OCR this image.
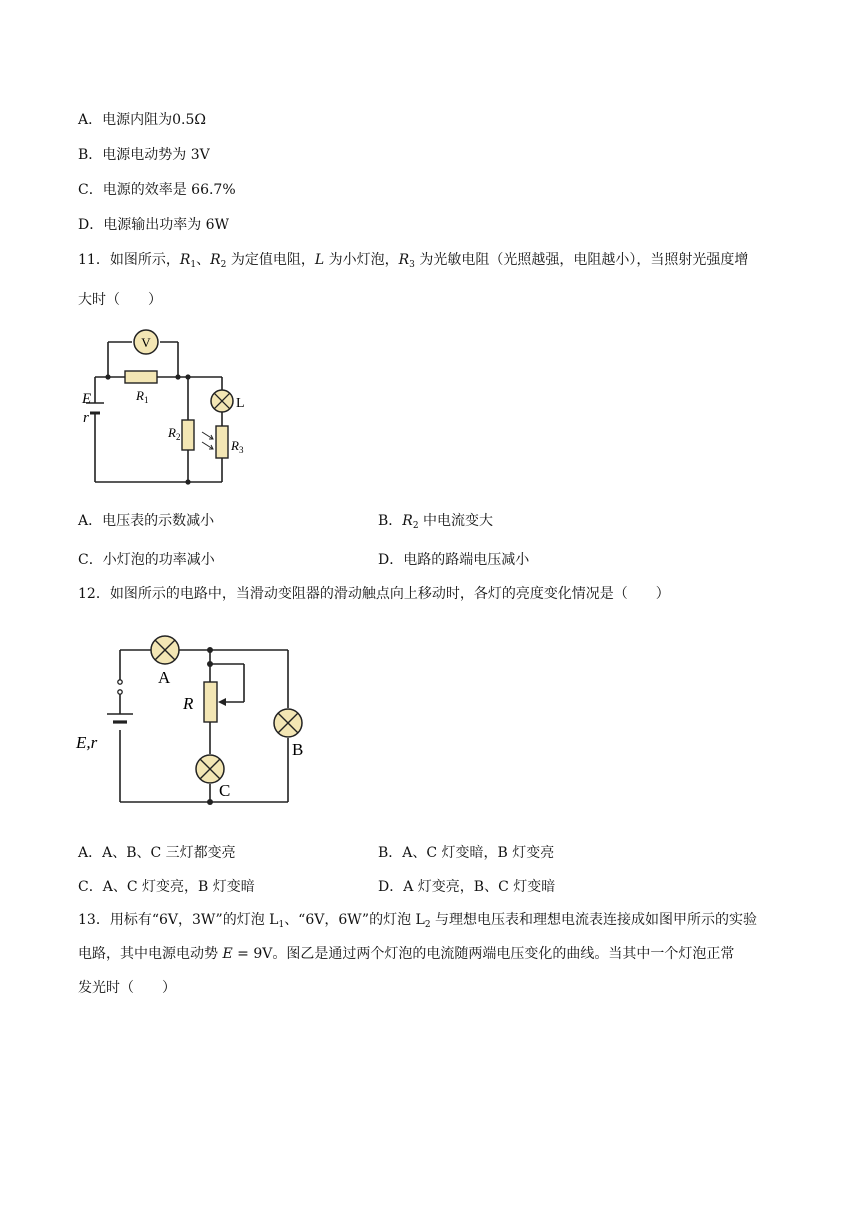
A．电源内阻为0.5Ω
B．电源电动势为 3V
C．电源的效率是 66.7%
D．电源输出功率为 6W
11．如图所示，$R_1$、$R_2$ 为定值电阻，L 为小灯泡，$R_3$ 为光敏电阻（光照越强，电阻越小），当照射光强度增
大时（　　）
V
E
r
$R_1$
$R_2$
$R_3$
L
A．电压表的示数减小	B．$R_2$ 中电流变大
C．小灯泡的功率减小	D．电路的路端电压减小
12．如图所示的电路中，当滑动变阻器的滑动触点向上移动时，各灯的亮度变化情况是（　　）
A
R
C
B
E,r
A．A、B、C 三灯都变亮	B．A、C 灯变暗，B 灯变亮
C．A、C 灯变亮，B 灯变暗	D．A 灯变亮，B、C 灯变暗
13．用标有“6V，3W”的灯泡 $L_1$、“6V，6W”的灯泡 $L_2$ 与理想电压表和理想电流表连接成如图甲所示的实验
电路，其中电源电动势 E = 9V。图乙是通过两个灯泡的电流随两端电压变化的曲线。当其中一个灯泡正常
发光时（　　）
